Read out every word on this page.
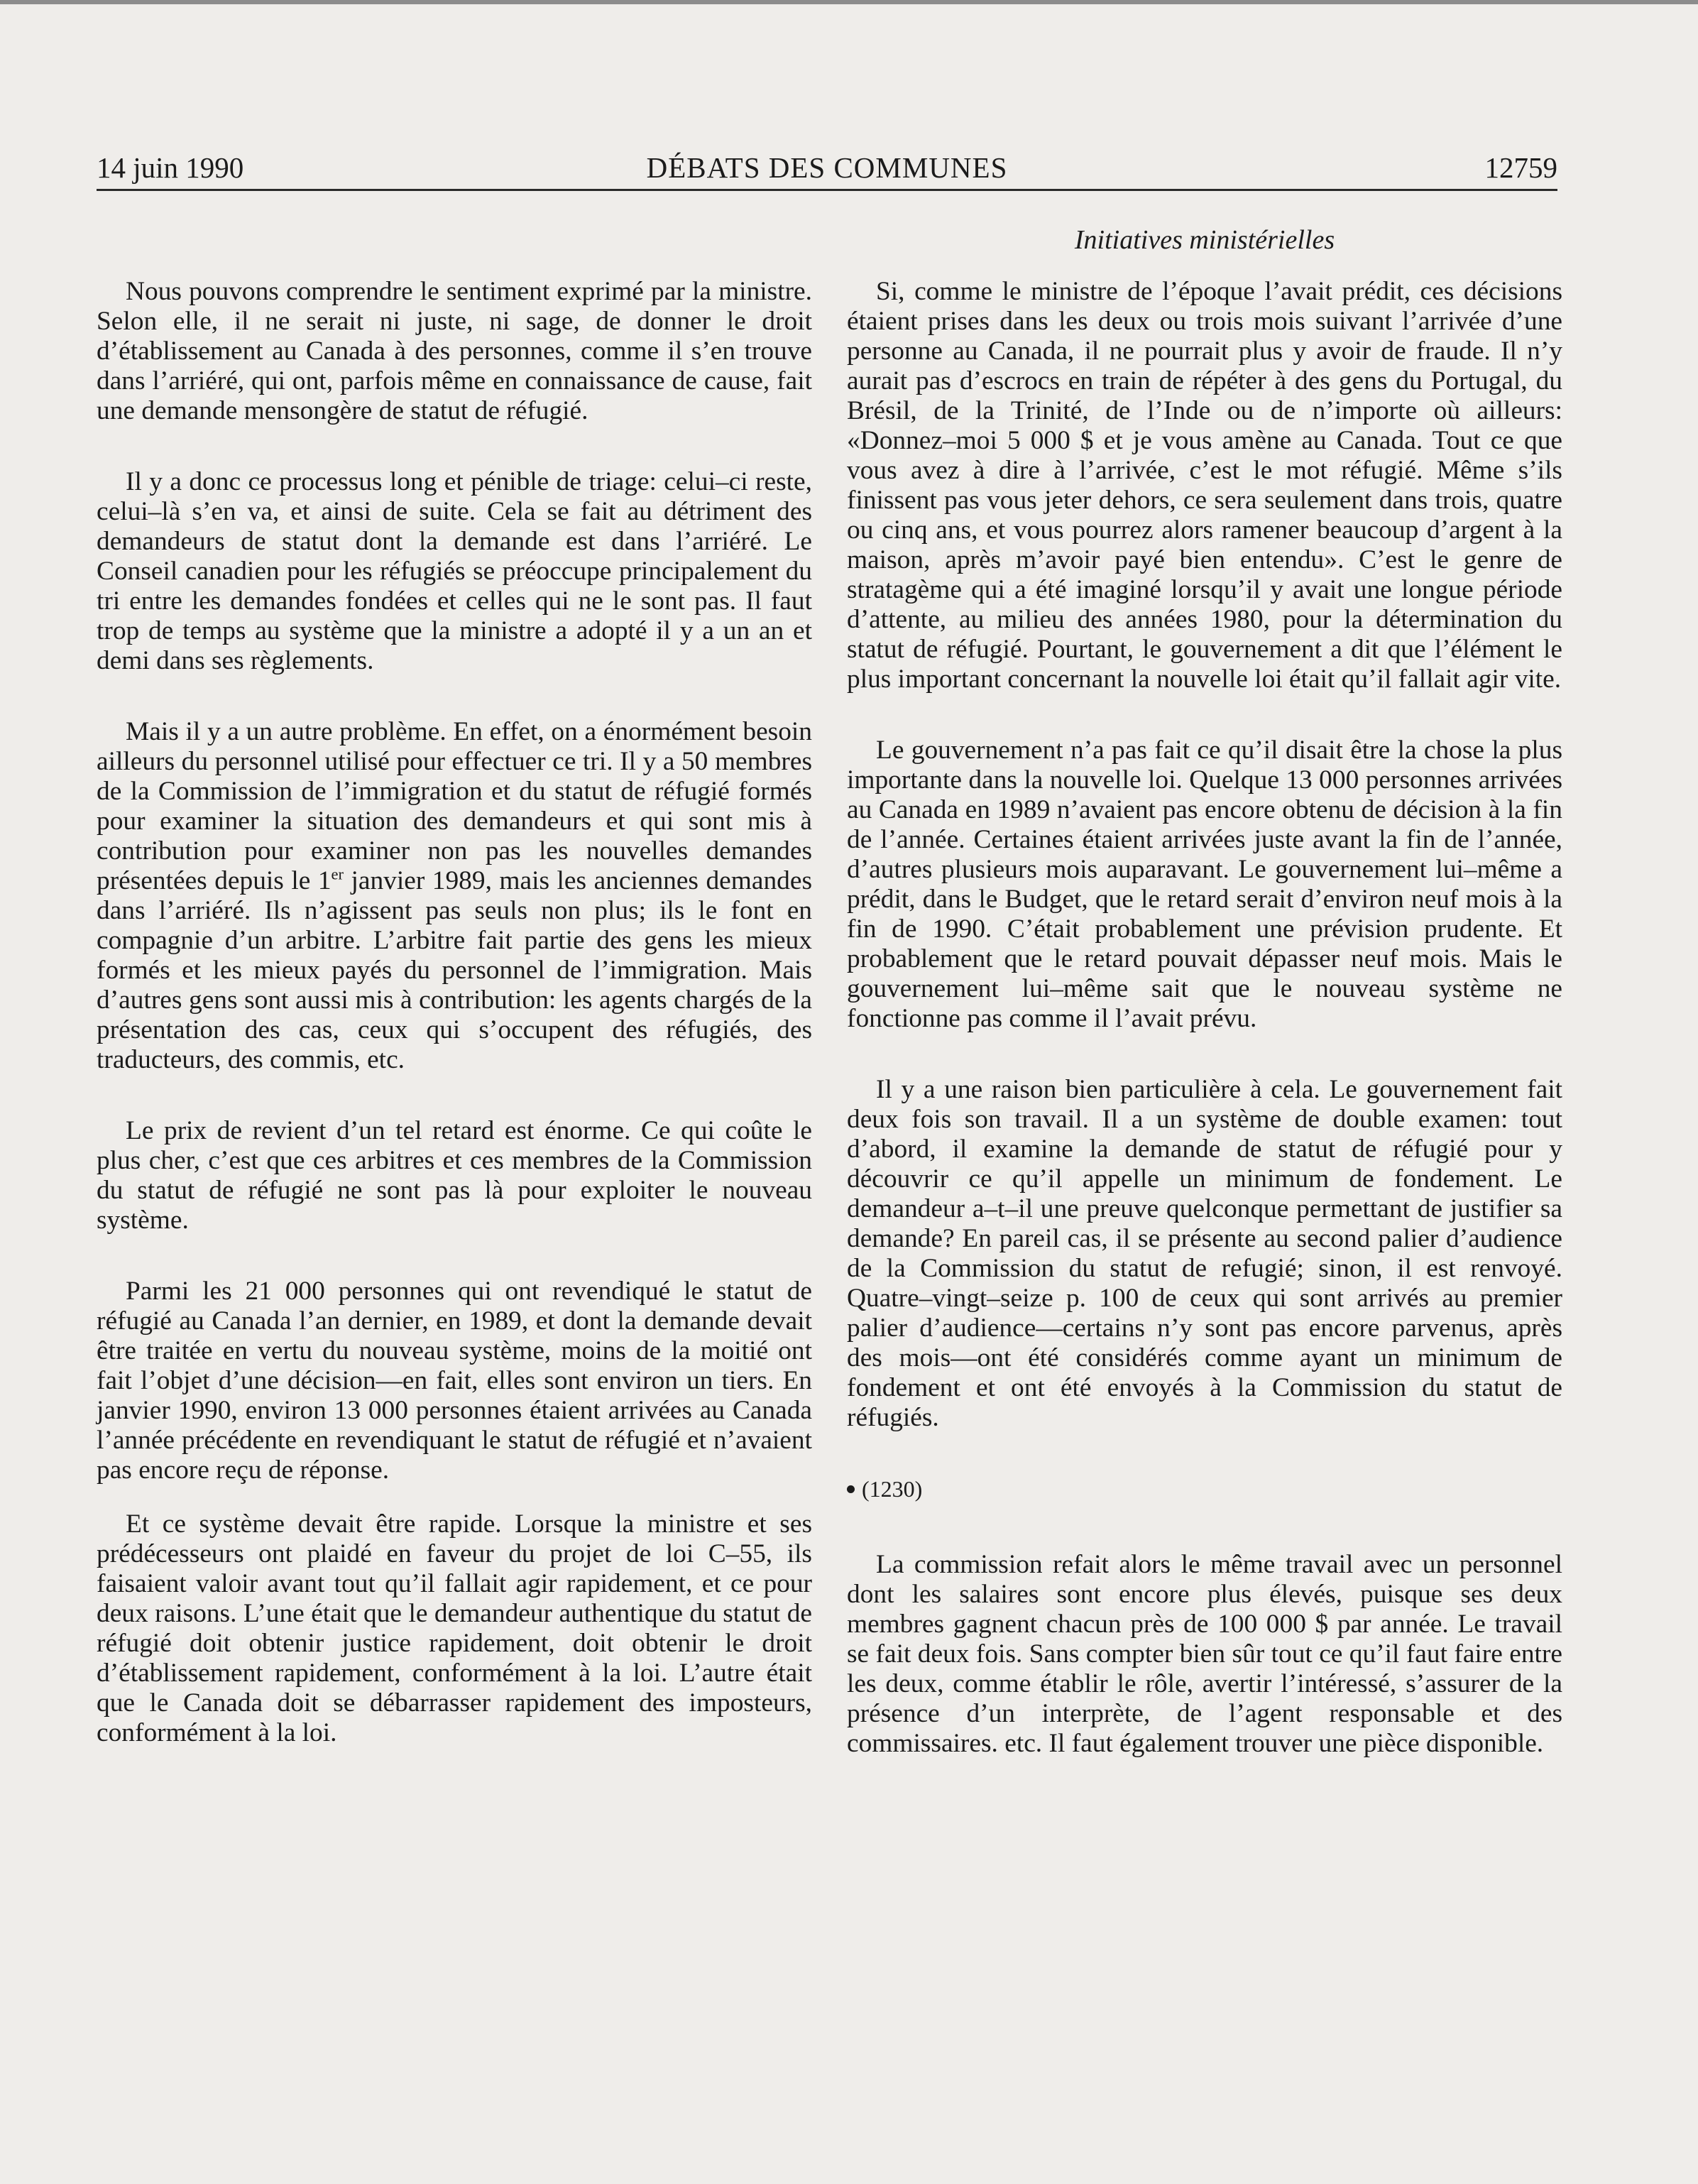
14 juin 1990	DÉBATS DES COMMUNES	12759
Initiatives ministérielles

Nous pouvons comprendre le sentiment exprimé par la ministre. Selon elle, il ne serait ni juste, ni sage, de donner le droit d’établissement au Canada à des personnes, comme il s’en trouve dans l’arriéré, qui ont, parfois même en connaissance de cause, fait une demande mensongère de statut de réfugié.

Il y a donc ce processus long et pénible de triage: celui–ci reste, celui–là s’en va, et ainsi de suite. Cela se fait au détriment des demandeurs de statut dont la demande est dans l’arriéré. Le Conseil canadien pour les réfugiés se préoccupe principalement du tri entre les demandes fondées et celles qui ne le sont pas. Il faut trop de temps au système que la ministre a adopté il y a un an et demi dans ses règlements.

Mais il y a un autre problème. En effet, on a énormément besoin ailleurs du personnel utilisé pour effectuer ce tri. Il y a 50 membres de la Commission de l’immigration et du statut de réfugié formés pour examiner la situation des demandeurs et qui sont mis à contribution pour examiner non pas les nouvelles demandes présentées depuis le 1er janvier 1989, mais les anciennes demandes dans l’arriéré. Ils n’agissent pas seuls non plus; ils le font en compagnie d’un arbitre. L’arbitre fait partie des gens les mieux formés et les mieux payés du personnel de l’immigration. Mais d’autres gens sont aussi mis à contribution: les agents chargés de la présentation des cas, ceux qui s’occupent des réfugiés, des traducteurs, des commis, etc.

Le prix de revient d’un tel retard est énorme. Ce qui coûte le plus cher, c’est que ces arbitres et ces membres de la Commission du statut de réfugié ne sont pas là pour exploiter le nouveau système.

Parmi les 21 000 personnes qui ont revendiqué le statut de réfugié au Canada l’an dernier, en 1989, et dont la demande devait être traitée en vertu du nouveau système, moins de la moitié ont fait l’objet d’une décision—en fait, elles sont environ un tiers. En janvier 1990, environ 13 000 personnes étaient arrivées au Canada l’année précédente en revendiquant le statut de réfugié et n’avaient pas encore reçu de réponse.

Et ce système devait être rapide. Lorsque la ministre et ses prédécesseurs ont plaidé en faveur du projet de loi C–55, ils faisaient valoir avant tout qu’il fallait agir rapidement, et ce pour deux raisons. L’une était que le demandeur authentique du statut de réfugié doit obtenir justice rapidement, doit obtenir le droit d’établissement rapidement, conformément à la loi. L’autre était que le Canada doit se débarrasser rapidement des imposteurs, conformément à la loi.

Si, comme le ministre de l’époque l’avait prédit, ces décisions étaient prises dans les deux ou trois mois suivant l’arrivée d’une personne au Canada, il ne pourrait plus y avoir de fraude. Il n’y aurait pas d’escrocs en train de répéter à des gens du Portugal, du Brésil, de la Trinité, de l’Inde ou de n’importe où ailleurs: «Donnez–moi 5 000 $ et je vous amène au Canada. Tout ce que vous avez à dire à l’arrivée, c’est le mot réfugié. Même s’ils finissent pas vous jeter dehors, ce sera seulement dans trois, quatre ou cinq ans, et vous pourrez alors ramener beaucoup d’argent à la maison, après m’avoir payé bien entendu». C’est le genre de stratagème qui a été imaginé lorsqu’il y avait une longue période d’attente, au milieu des années 1980, pour la détermination du statut de réfugié. Pourtant, le gouvernement a dit que l’élément le plus important concernant la nouvelle loi était qu’il fallait agir vite.

Le gouvernement n’a pas fait ce qu’il disait être la chose la plus importante dans la nouvelle loi. Quelque 13 000 personnes arrivées au Canada en 1989 n’avaient pas encore obtenu de décision à la fin de l’année. Certaines étaient arrivées juste avant la fin de l’année, d’autres plusieurs mois auparavant. Le gouvernement lui–même a prédit, dans le Budget, que le retard serait d’environ neuf mois à la fin de 1990. C’était probablement une prévision prudente. Et probablement que le retard pouvait dépasser neuf mois. Mais le gouvernement lui–même sait que le nouveau système ne fonctionne pas comme il l’avait prévu.

Il y a une raison bien particulière à cela. Le gouvernement fait deux fois son travail. Il a un système de double examen: tout d’abord, il examine la demande de statut de réfugié pour y découvrir ce qu’il appelle un minimum de fondement. Le demandeur a–t–il une preuve quelconque permettant de justifier sa demande? En pareil cas, il se présente au second palier d’audience de la Commission du statut de refugié; sinon, il est renvoyé. Quatre–vingt–seize p. 100 de ceux qui sont arrivés au premier palier d’audience—certains n’y sont pas encore parvenus, après des mois—ont été considérés comme ayant un minimum de fondement et ont été envoyés à la Commission du statut de réfugiés.

(1230)

La commission refait alors le même travail avec un personnel dont les salaires sont encore plus élevés, puisque ses deux membres gagnent chacun près de 100 000 $ par année. Le travail se fait deux fois. Sans compter bien sûr tout ce qu’il faut faire entre les deux, comme établir le rôle, avertir l’intéressé, s’assurer de la présence d’un interprète, de l’agent responsable et des commissaires. etc. Il faut également trouver une pièce disponible.
